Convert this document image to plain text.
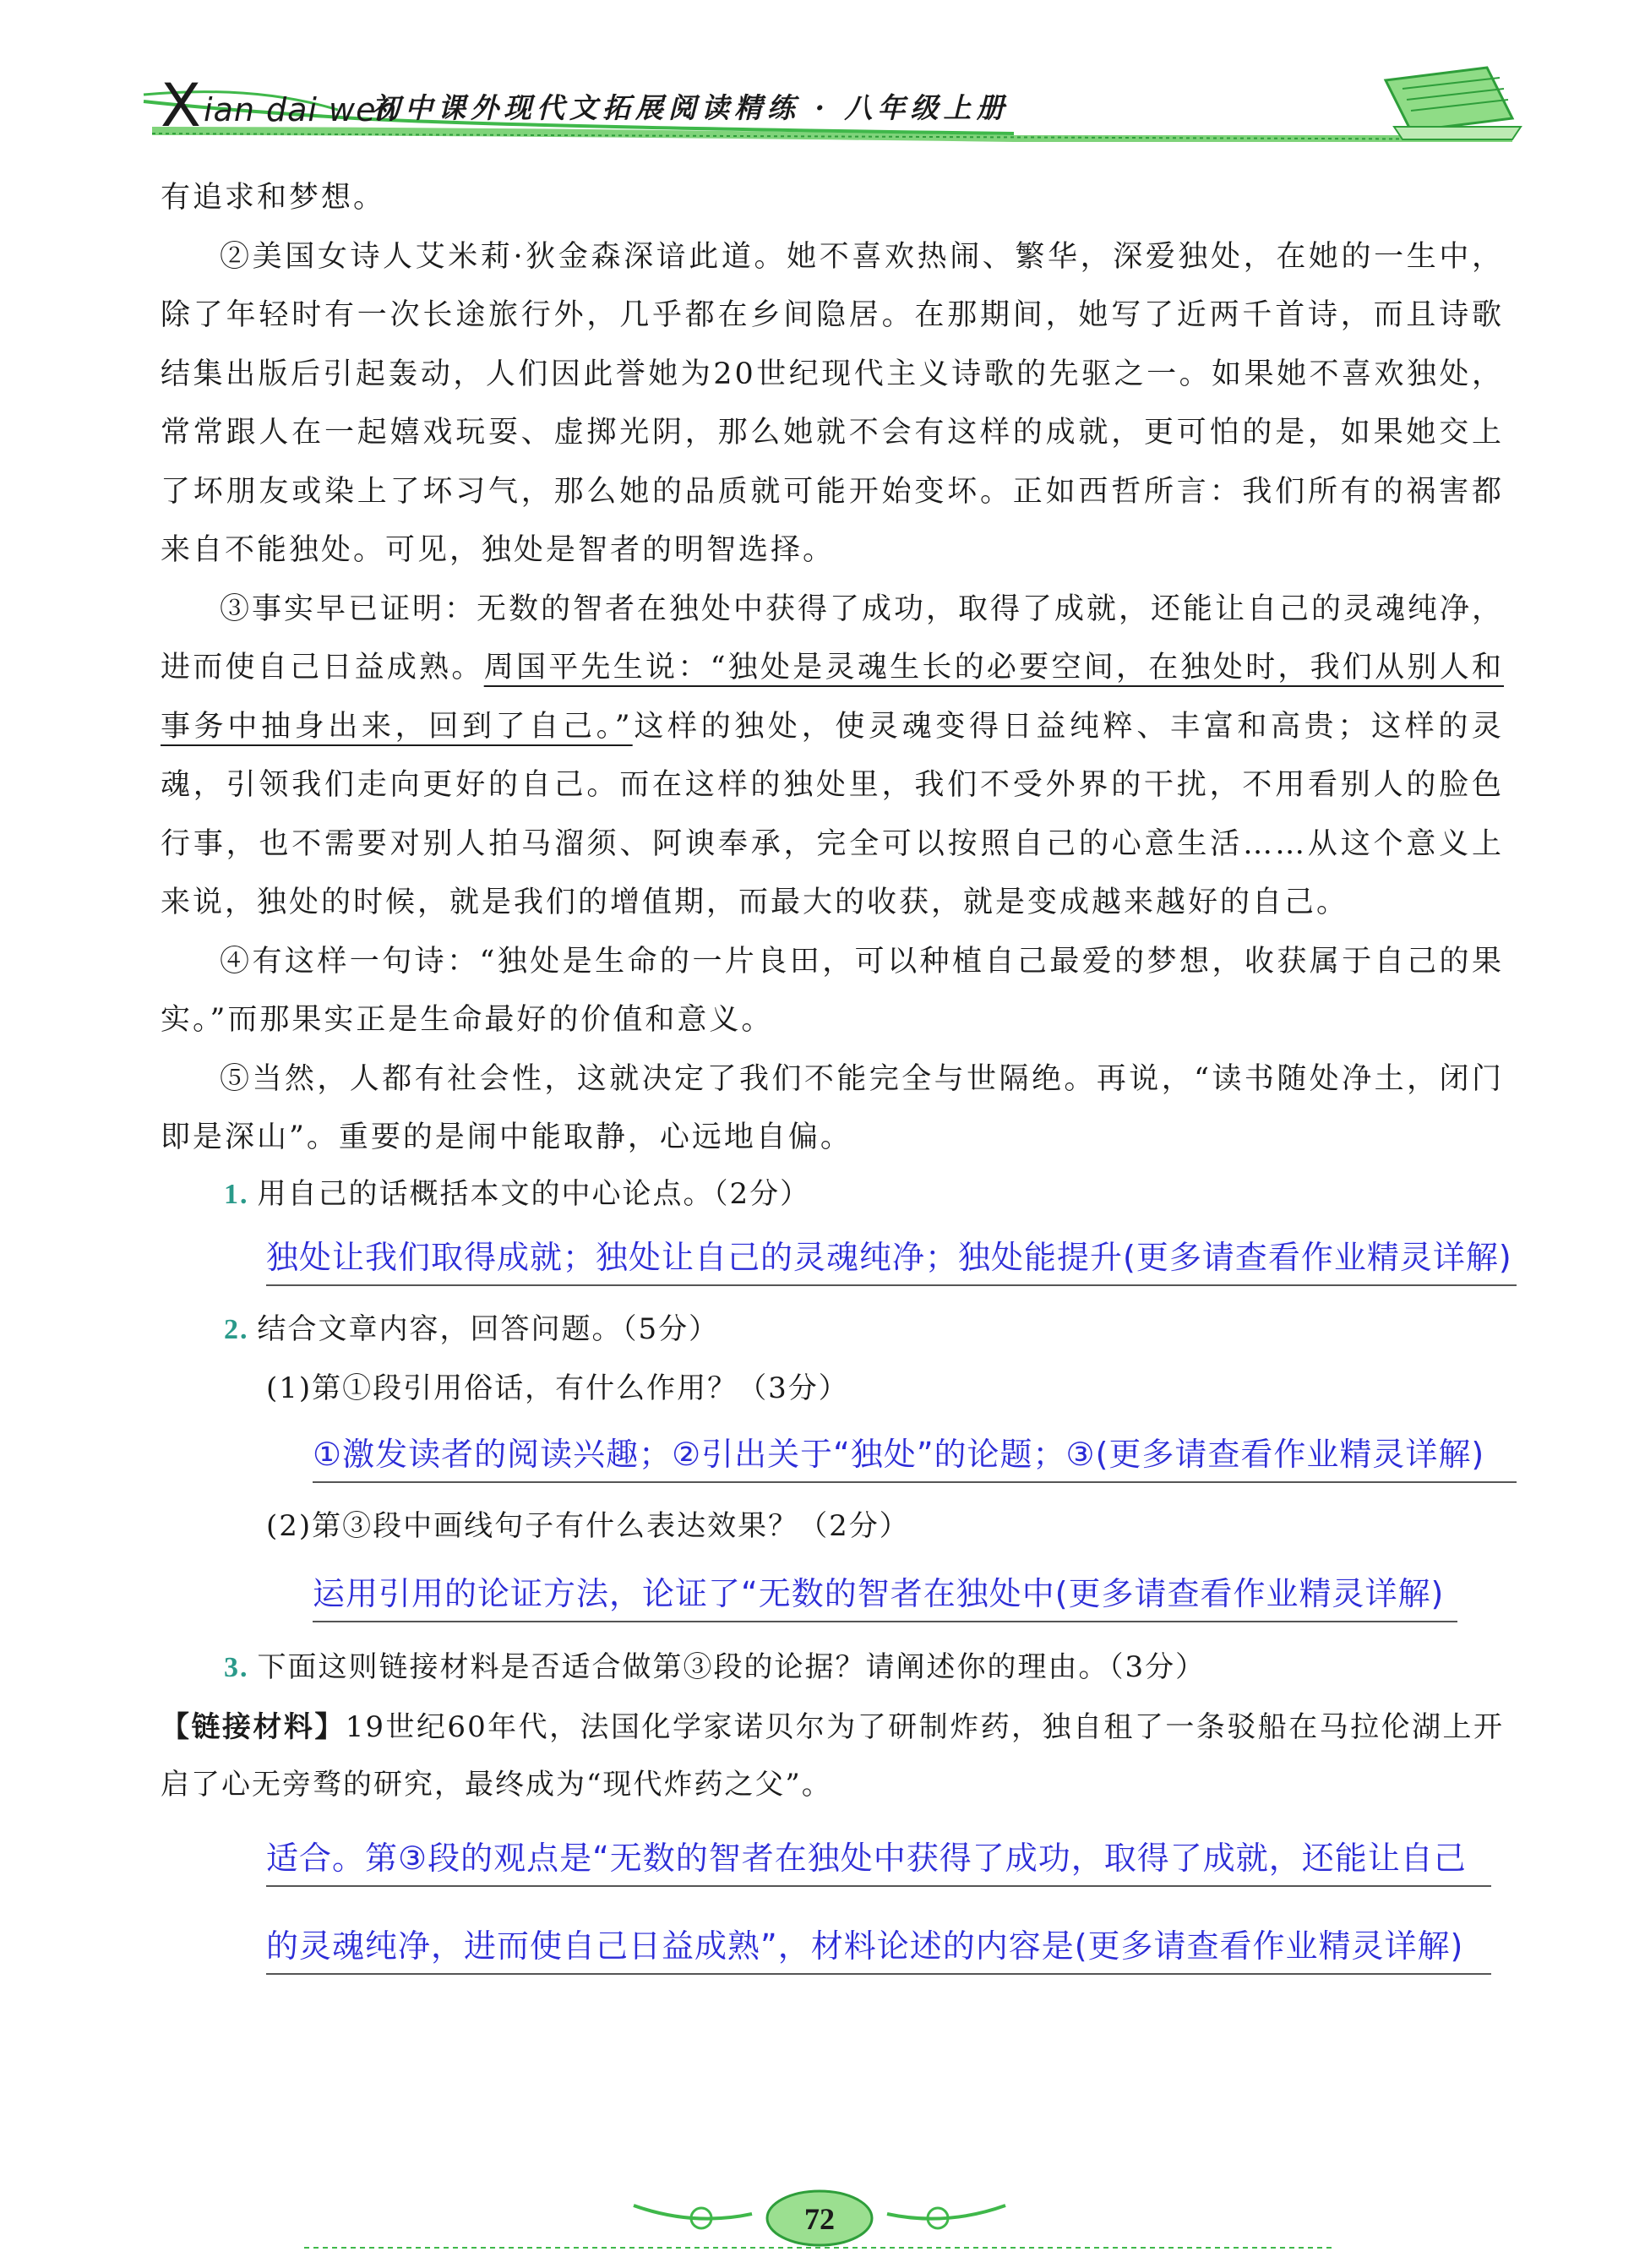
Xian dai wen
初中课外现代文拓展阅读精练 · 八年级上册

有追求和梦想。

②美国女诗人艾米莉·狄金森深谙此道。她不喜欢热闹、繁华，深爱独处，在她的一生中，除了年轻时有一次长途旅行外，几乎都在乡间隐居。在那期间，她写了近两千首诗，而且诗歌结集出版后引起轰动，人们因此誉她为20世纪现代主义诗歌的先驱之一。如果她不喜欢独处，常常跟人在一起嬉戏玩耍、虚掷光阴，那么她就不会有这样的成就，更可怕的是，如果她交上了坏朋友或染上了坏习气，那么她的品质就可能开始变坏。正如西哲所言：我们所有的祸害都来自不能独处。可见，独处是智者的明智选择。

③事实早已证明：无数的智者在独处中获得了成功，取得了成就，还能让自己的灵魂纯净，进而使自己日益成熟。周国平先生说：“独处是灵魂生长的必要空间，在独处时，我们从别人和事务中抽身出来，回到了自己。”这样的独处，使灵魂变得日益纯粹、丰富和高贵；这样的灵魂，引领我们走向更好的自己。而在这样的独处里，我们不受外界的干扰，不用看别人的脸色行事，也不需要对别人拍马溜须、阿谀奉承，完全可以按照自己的心意生活……从这个意义上来说，独处的时候，就是我们的增值期，而最大的收获，就是变成越来越好的自己。

④有这样一句诗：“独处是生命的一片良田，可以种植自己最爱的梦想，收获属于自己的果实。”而那果实正是生命最好的价值和意义。

⑤当然，人都有社会性，这就决定了我们不能完全与世隔绝。再说，“读书随处净土，闭门即是深山”。重要的是闹中能取静，心远地自偏。

1. 用自己的话概括本文的中心论点。（2分）
独处让我们取得成就；独处让自己的灵魂纯净；独处能提升(更多请查看作业精灵详解)
2. 结合文章内容，回答问题。（5分）
(1)第①段引用俗话，有什么作用？（3分）
①激发读者的阅读兴趣；②引出关于“独处”的论题；③(更多请查看作业精灵详解)
(2)第③段中画线句子有什么表达效果？（2分）
运用引用的论证方法，论证了“无数的智者在独处中(更多请查看作业精灵详解)
3. 下面这则链接材料是否适合做第③段的论据？请阐述你的理由。（3分）
【链接材料】19世纪60年代，法国化学家诺贝尔为了研制炸药，独自租了一条驳船在马拉伦湖上开启了心无旁骛的研究，最终成为“现代炸药之父”。
适合。第③段的观点是“无数的智者在独处中获得了成功，取得了成就，还能让自己
的灵魂纯净，进而使自己日益成熟”，材料论述的内容是(更多请查看作业精灵详解)
72
